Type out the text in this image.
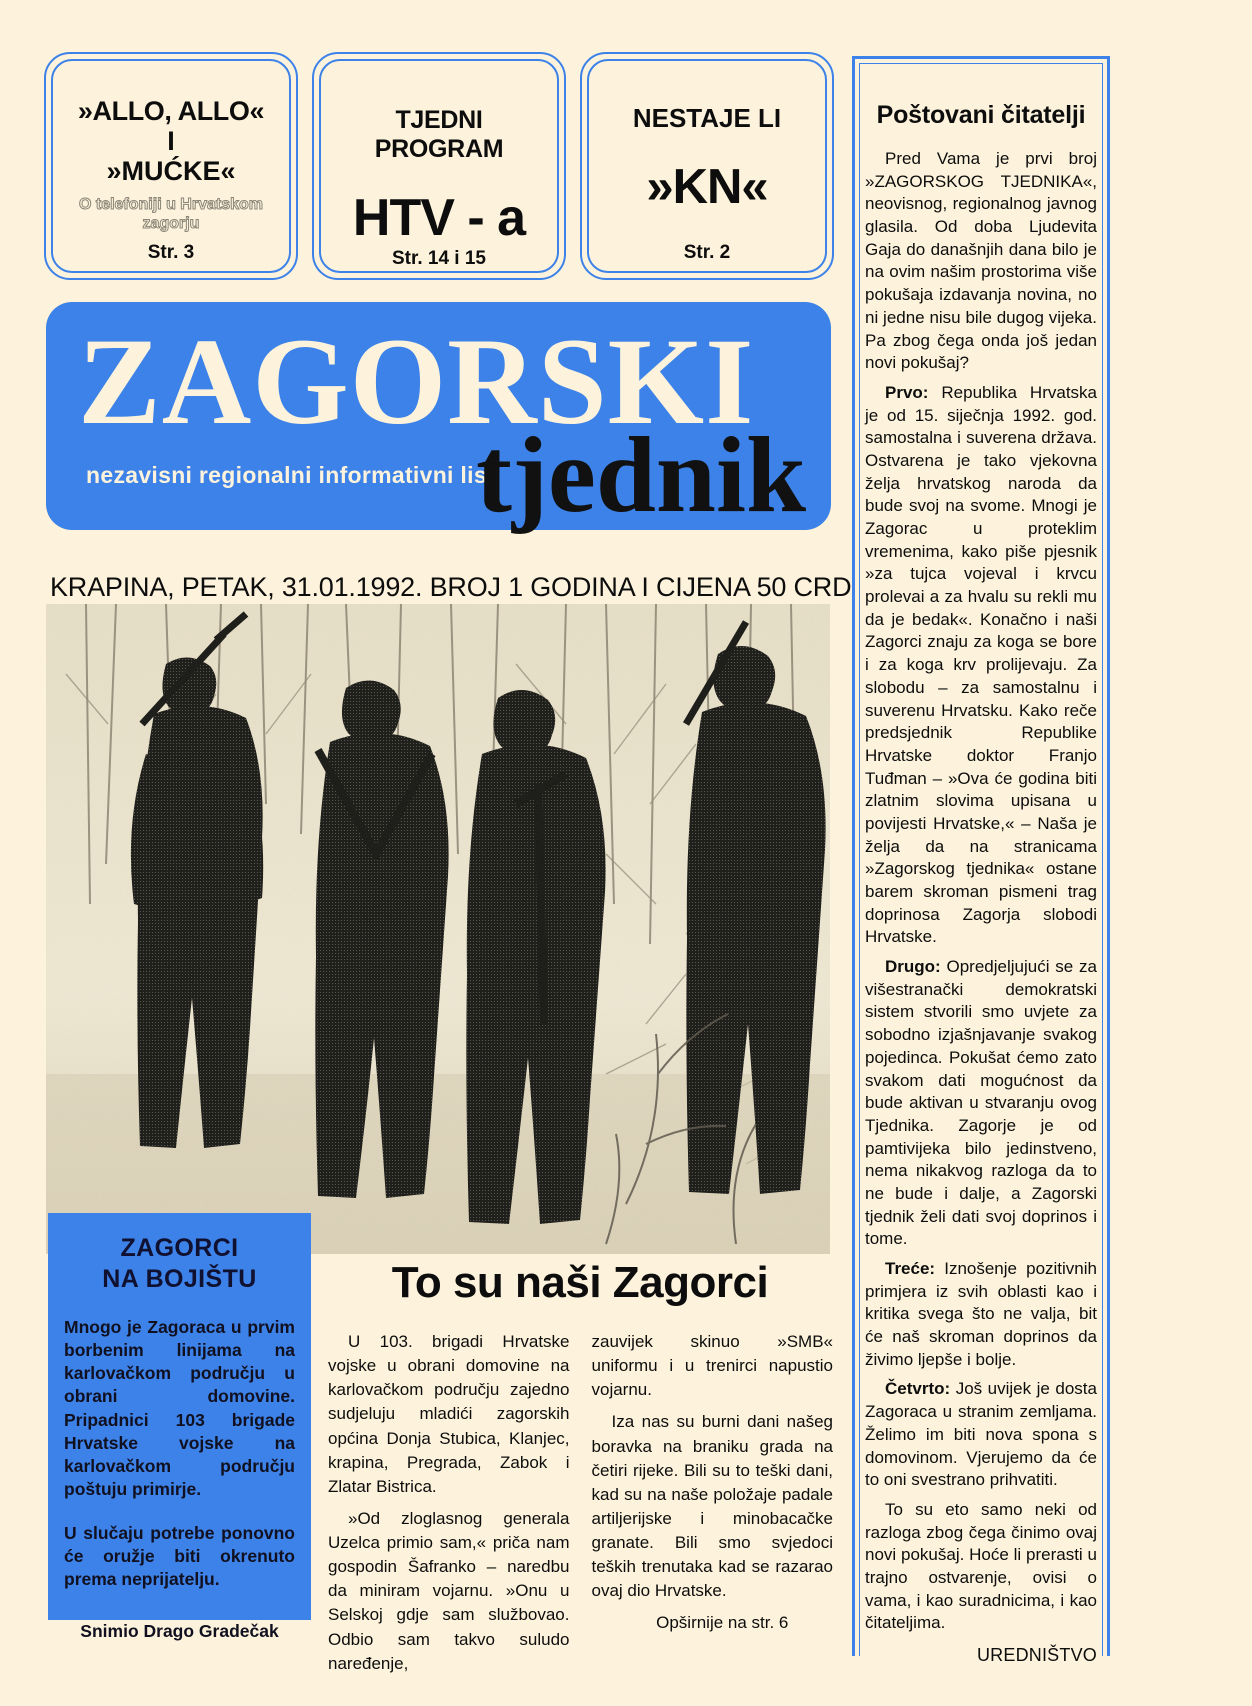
»ALLO, ALLO«
I
»MUĆKE«
O telefoniji u Hrvatskom zagorju
Str. 3
TJEDNI PROGRAM
HTV - a
Str. 14 i 15
NESTAJE LI
»KN«
Str. 2
ZAGORSKI
nezavisni regionalni informativni list
tjednik
KRAPINA, PETAK, 31.01.1992. BROJ 1 GODINA I CIJENA 50 CRD
ZAGORCI
NA BOJIŠTU
Mnogo je Zagoraca u prvim borbenim linijama na karlovačkom području u obrani domovine. Pripadnici 103 brigade Hrvatske vojske na karlovačkom području poštuju primirje.
U slučaju potrebe ponovno će oružje biti okrenuto prema neprijatelju.
Snimio Drago Gradečak
To su naši Zagorci

U 103. brigadi Hrvatske vojske u obrani domovine na karlovačkom području zajedno sudjeluju mladići zagorskih općina Donja Stubica, Klanjec, krapina, Pregrada, Zabok i Zlatar Bistrica.

»Od zloglasnog generala Uzelca primio sam,« priča nam gospodin Šafranko – naredbu da miniram vojarnu. »Onu u Selskoj gdje sam službovao. Odbio sam takvo suludo naređenje,

zauvijek skinuo »SMB« uniformu i u trenirci napustio vojarnu.

Iza nas su burni dani našeg boravka na braniku grada na četiri rijeke. Bili su to teški dani, kad su na naše položaje padale artiljerijske i minobacačke granate. Bili smo svjedoci teških trenutaka kad se razarao ovaj dio Hrvatske.

Opširnije na str. 6

Poštovani čitatelji

Pred Vama je prvi broj »ZAGORSKOG TJEDNIKA«, neovisnog, regionalnog javnog glasila. Od doba Ljudevita Gaja do današnjih dana bilo je na ovim našim prostorima više pokušaja izdavanja novina, no ni jedne nisu bile dugog vijeka. Pa zbog čega onda još jedan novi pokušaj?

Prvo: Republika Hrvatska je od 15. siječnja 1992. god. samostalna i suverena država. Ostvarena je tako vjekovna želja hrvatskog naroda da bude svoj na svome. Mnogi je Zagorac u proteklim vremenima, kako piše pjesnik »za tujca vojeval i krvcu prolevai a za hvalu su rekli mu da je bedak«. Konačno i naši Zagorci znaju za koga se bore i za koga krv prolijevaju. Za slobodu – za samostalnu i suverenu Hrvatsku. Kako reče predsjednik Republike Hrvatske doktor Franjo Tuđman – »Ova će godina biti zlatnim slovima upisana u povijesti Hrvatske,« – Naša je želja da na stranicama »Zagorskog tjednika« ostane barem skroman pismeni trag doprinosa Zagorja slobodi Hrvatske.

Drugo: Opredjeljujući se za višestranački demokratski sistem stvorili smo uvjete za sobodno izjašnjavanje svakog pojedinca. Pokušat ćemo zato svakom dati mogućnost da bude aktivan u stvaranju ovog Tjednika. Zagorje je od pamtivijeka bilo jedinstveno, nema nikakvog razloga da to ne bude i dalje, a Zagorski tjednik želi dati svoj doprinos i tome.

Treće: Iznošenje pozitivnih primjera iz svih oblasti kao i kritika svega što ne valja, bit će naš skroman doprinos da živimo ljepše i bolje.

Četvrto: Još uvijek je dosta Zagoraca u stranim zemljama. Želimo im biti nova spona s domovinom. Vjerujemo da će to oni svestrano prihvatiti.

To su eto samo neki od razloga zbog čega činimo ovaj novi pokušaj. Hoće li prerasti u trajno ostvarenje, ovisi o vama, i kao suradnicima, i kao čitateljima.

UREDNIŠTVO
